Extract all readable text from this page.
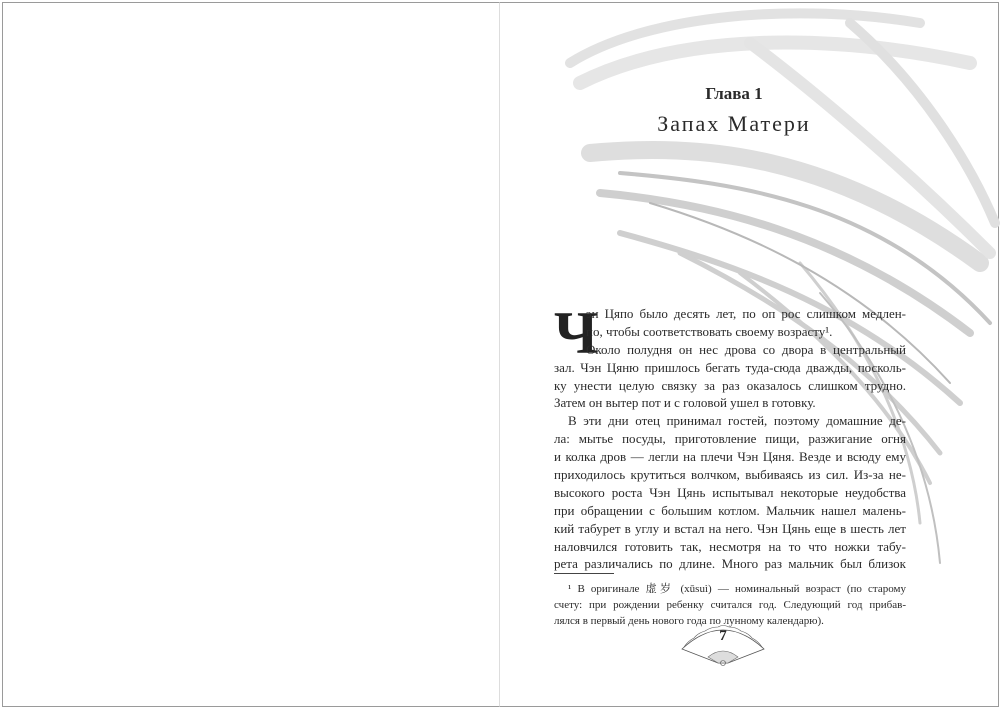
Глава 1
Запах Матери
Ч
эн Цяпо было десять лет, по оп рос слишком медлен-
по, чтобы соответствовать своему возрасту¹.
Около полудня он нес дрова со двора в центральный
зал. Чэн Цяню пришлось бегать туда-сюда дважды, посколь-
ку унести целую связку за раз оказалось слишком трудно.
Затем он вытер пот и с головой ушел в готовку.
В эти дни отец принимал гостей, поэтому домашние де-
ла: мытье посуды, приготовление пищи, разжигание огня
и колка дров — легли на плечи Чэн Цяня. Везде и всюду ему
приходилось крутиться волчком, выбиваясь из сил. Из-за не-
высокого роста Чэн Цянь испытывал некоторые неудобства
при обращении с большим котлом. Мальчик нашел малень-
кий табурет в углу и встал на него. Чэн Цянь еще в шесть лет
наловчился готовить так, несмотря на то что ножки табу-
рета различались по длине. Много раз мальчик был близок
¹ В оригинале 虚岁 (xūsuì) — номинальный возраст (по старому
счету: при рождении ребенку считался год. Следующий год прибав-
лялся в первый день нового года по лунному календарю).
7
